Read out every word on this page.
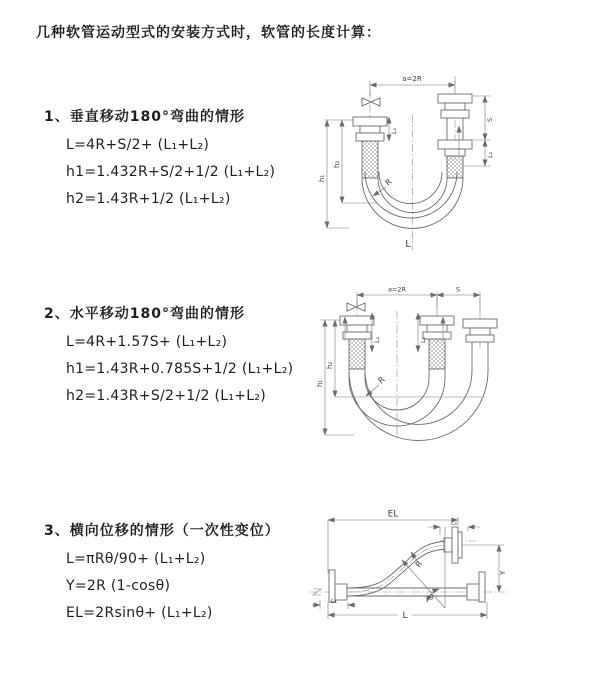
几种软管运动型式的安装方式时，软管的长度计算：
1、垂直移动180°弯曲的情形
L=4R+S/2+ (L₁+L₂)
h1=1.432R+S/2+1/2 (L₁+L₂)
h2=1.43R+1/2 (L₁+L₂)
2、水平移动180°弯曲的情形
L=4R+1.57S+ (L₁+L₂)
h1=1.43R+0.785S+1/2 (L₁+L₂)
h2=1.43R+S/2+1/2 (L₁+L₂)
3、横向位移的情形（一次性变位）
L=πRθ/90+ (L₁+L₂)
Y=2R (1-cosθ)
EL=2Rsinθ+ (L₁+L₂)
a=2R
h₁
h₂
L₁
S
L₂
R
L
a=2R	S
L₁	L₂
h₁
h₂
R
θ
EL
L₂
Y
L
L₁
R
